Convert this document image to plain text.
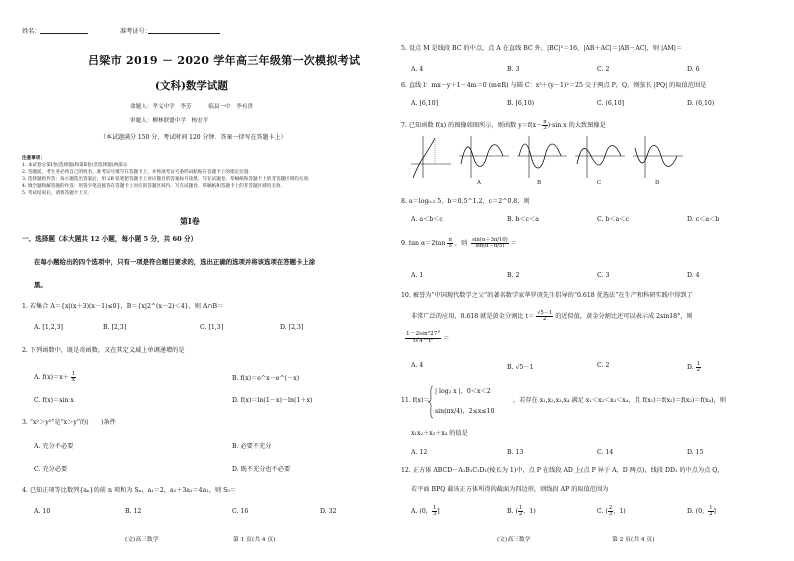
姓名：	准考证号：
吕梁市 2019 － 2020 学年高三年级第一次模拟考试
(文科)数学试题
命题人：孝义中学　李芳　　　临县一中　李有贵
审题人：柳林联盟中学　杨宏平
（本试题满分 150 分，考试时间 120 分钟．答案一律写在答题卡上）
注意事项：
1. 本试卷分第Ⅰ卷(选择题)和第Ⅱ卷(非选择题)两部分.
2. 答题前，考生务必将自己的姓名、准考证号填写在答题卡上，并将准考证号条形码粘贴在答题卡上的指定位置.
3. 选择题的作答：每小题选出答案后，用 2B 铅笔把答题卡上对应题目的答案标号涂黑．写在试题卷、草稿纸和答题卡上的非答题区域均无效.
4. 填空题和解答题的作答：用签字笔直接答在答题卡上对应的答题区域内．写在试题卷、草稿纸和答题卡上的非答题区域均无效.
5. 考试结束后，请将答题卡上交.
第Ⅰ卷
一、选择题（本大题共 12 小题，每小题 5 分，共 60 分）
在每小题给出的四个选项中，只有一项是符合题目要求的，选出正确的选项并将该选项在答题卡上涂
黑。
1. 若集合 A＝{x|(x＋3)(x－1)≤0}，B＝{x|2^(x－2)＜4}，则 A∩B＝
A. [1,2,3]	B. [2,3]	C. [1,3]	D. [2,3]
2. 下列函数中，既是奇函数，又在其定义域上单调递增的是
A. $f(x)=x+ \frac{1}{x}$	B. f(x)＝e^x－e^(－x)
C. f(x)＝sin x	D. f(x)＝ln(1－x)－ln(1＋x)
3. “x²＞y²”是“x＞y”的(　　)条件
A. 充分不必要	B. 必要不充分
C. 充分必要	D. 既不充分也不必要
4. 已知正项等比数列{aₙ}的前 n 项和为 Sₙ，a₁＝2，a₂＋3a₁＝4a₁，则 S₅＝
A. 10	B. 12	C. 16	D. 32
(文)高三数学	第 1 页(共 4 页)
5. 设点 M 是线段 BC 的中点，点 A 在直线 BC 外，|BC|²＝16，|AB＋AC|＝|AB－AC|，则 |AM|＝
A. 4	B. 3	C. 2	D. 6
6. 直线 l：mx－y＋1－4m＝0 (m∈R) 与圆 C：x²＋(y－1)²＝25 交于两点 P，Q，则弦长 |PQ| 的取值范围是
A. [6,10]	B. [6,10)	C. (6,10]	D. (6,10)
7. 已知函数 f(x) 的图像如图所示，则函数 $y=f(x- \frac{\pi}{3} )\cdot\sin$ x 的大致图像是
A	B	C	D
8. a＝log₀.₅ 5，b＝0.5^1.2，c＝2^0.8，则
A. a＜b＜c	B. b＜c＜a	C. b＜a＜c	D. c＜a＜b
9. $\tan \alpha=2\tan \frac{\pi}{5}$ ，则 $\frac{\sin(\alpha+3\pi/10)}{\sin(\alpha-\pi/5)}$ ＝
A. 1	B. 2	C. 3	D. 4
10. 被誉为“中国现代数学之父”的著名数学家华罗庚先生倡导的“0.618 优选法”在生产和科研实践中得到了
非常广泛的应用，0.618 就是黄金分割比 $t= \frac{√5-1}{2}$ 的近似值，黄金分割比还可以表示成 2sin18°，则
$\frac{\text{1－2sin²27°}}{\text{t√4－t²}}$ ＝
A. 4	B. √5－1	C. 2	D. $\frac{1}{2}$
11. f(x)＝
| log₂ x |，0＜x＜2
sin(πx/4)，2≤x≤10
，若存在 x₁,x₂,x₃,x₄ 满足 x₁＜x₂＜x₃＜x₄，且 f(x₁)＝f(x₂)＝f(x₃)＝f(x₄)，则
x₁x₂＋x₃＋x₄ 的值是
A. 12	B. 13	C. 14	D. 15
12. 正方体 ABCD－A₁B₁C₁D₁(棱长为 1)中，点 P 在线段 AD 上(点 P 异于 A，D 两点)，线段 DD₁ 的中点为点 Q，
若平面 BPQ 截该正方体所得的截面为四边形，则线段 AP 的取值范围为
A. (0， $\frac{1}{3}$ ]	B. ( $\frac{1}{2}$ ，1)	C. ( $\frac{2}{3}$ ，1)	D. (0， $\frac{1}{2}$ ]
(文)高三数学	第 2 页(共 4 页)
